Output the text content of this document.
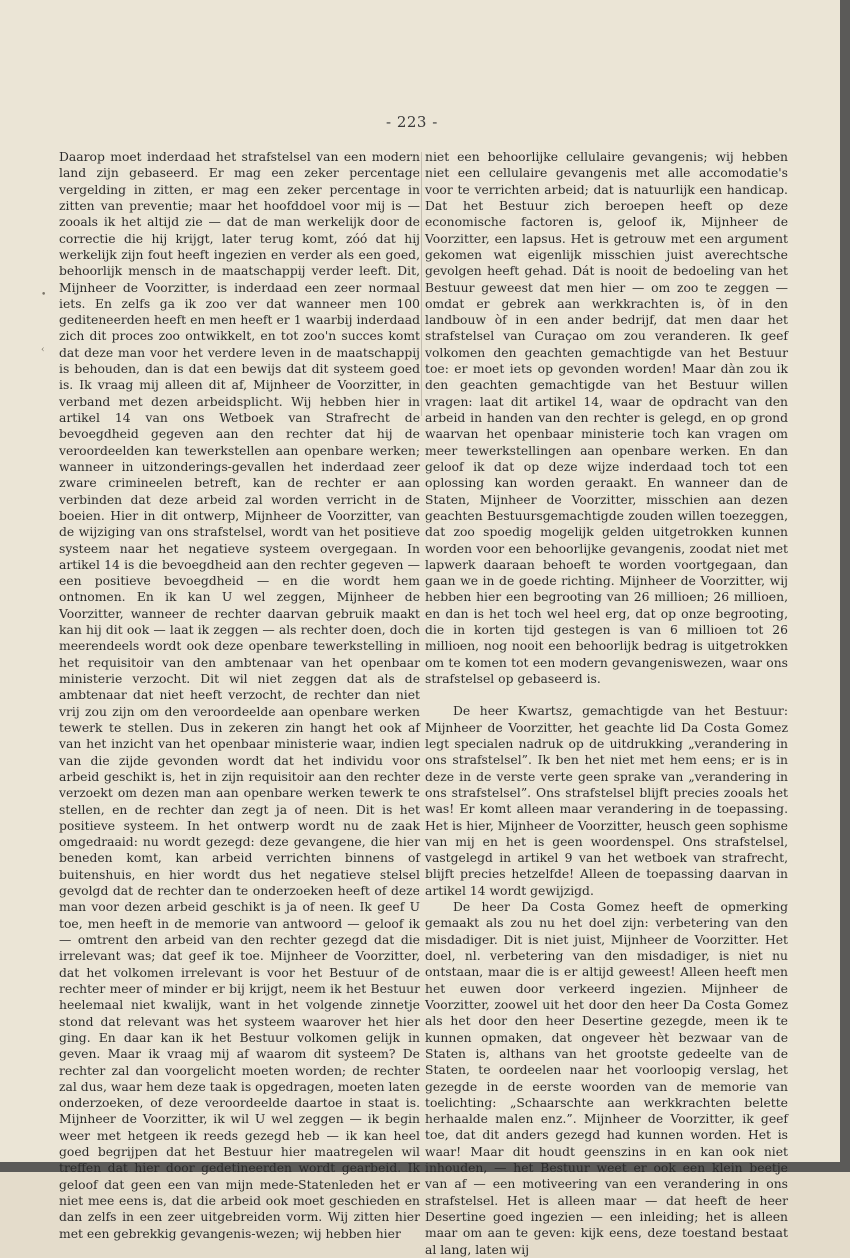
- 223 -

Daarop moet inderdaad het strafstelsel van een modern land zijn gebaseerd. Er mag een zeker percentage vergelding in zitten, er mag een zeker percentage in zitten van preventie; maar het hoofddoel voor mij is — zooals ik het altijd zie — dat de man werkelijk door de correctie die hij krijgt, later terug komt, zóó dat hij werkelijk zijn fout heeft ingezien en verder als een goed, behoorlijk mensch in de maatschappij verder leeft. Dit, Mijnheer de Voorzitter, is inderdaad een zeer normaal iets. En zelfs ga ik zoo ver dat wanneer men 100 gediteneerden heeft en men heeft er 1 waarbij inderdaad zich dit proces zoo ontwikkelt, en tot zoo'n succes komt dat deze man voor het verdere leven in de maatschappij is behouden, dan is dat een bewijs dat dit systeem goed is. Ik vraag mij alleen dit af, Mijnheer de Voorzitter, in verband met dezen arbeidsplicht. Wij hebben hier in artikel 14 van ons Wetboek van Strafrecht de bevoegdheid gegeven aan den rechter dat hij de veroordeelden kan tewerkstellen aan openbare werken; wanneer in uitzonderings-gevallen het inderdaad zeer zware crimineelen betreft, kan de rechter er aan verbinden dat deze arbeid zal worden verricht in de boeien. Hier in dit ontwerp, Mijnheer de Voorzitter, van de wijziging van ons strafstelsel, wordt van het positieve systeem naar het negatieve systeem overgegaan. In artikel 14 is die bevoegdheid aan den rechter gegeven — een positieve bevoegdheid — en die wordt hem ontnomen. En ik kan U wel zeggen, Mijnheer de Voorzitter, wanneer de rechter daarvan gebruik maakt kan hij dit ook — laat ik zeggen — als rechter doen, doch meerendeels wordt ook deze openbare tewerkstelling in het requisitoir van den ambtenaar van het openbaar ministerie verzocht. Dit wil niet zeggen dat als de ambtenaar dat niet heeft verzocht, de rechter dan niet vrij zou zijn om den veroordeelde aan openbare werken tewerk te stellen. Dus in zekeren zin hangt het ook af van het inzicht van het openbaar ministerie waar, indien van die zijde gevonden wordt dat het individu voor arbeid geschikt is, het in zijn requisitoir aan den rechter verzoekt om dezen man aan openbare werken tewerk te stellen, en de rechter dan zegt ja of neen. Dit is het positieve systeem. In het ontwerp wordt nu de zaak omgedraaid: nu wordt gezegd: deze gevangene, die hier beneden komt, kan arbeid verrichten binnens of buitenshuis, en hier wordt dus het negatieve stelsel gevolgd dat de rechter dan te onderzoeken heeft of deze man voor dezen arbeid geschikt is ja of neen. Ik geef U toe, men heeft in de memorie van antwoord — geloof ik — omtrent den arbeid van den rechter gezegd dat die irrelevant was; dat geef ik toe. Mijnheer de Voorzitter, dat het volkomen irrelevant is voor het Bestuur of de rechter meer of minder er bij krijgt, neem ik het Bestuur heelemaal niet kwalijk, want in het volgende zinnetje stond dat relevant was het systeem waarover het hier ging. En daar kan ik het Bestuur volkomen gelijk in geven. Maar ik vraag mij af waarom dit systeem? De rechter zal dan voorgelicht moeten worden; de rechter zal dus, waar hem deze taak is opgedragen, moeten laten onderzoeken, of deze veroordeelde daartoe in staat is. Mijnheer de Voorzitter, ik wil U wel zeggen — ik begin weer met hetgeen ik reeds gezegd heb — ik kan heel goed begrijpen dat het Bestuur hier maatregelen wil treffen dat hier door gedetineerden wordt gearbeid. Ik geloof dat geen een van mijn mede-Statenleden het er niet mee eens is, dat die arbeid ook moet geschieden en dan zelfs in een zeer uitgebreiden vorm. Wij zitten hier met een gebrekkig gevangenis-wezen; wij hebben hier

niet een behoorlijke cellulaire gevangenis; wij hebben niet een cellulaire gevangenis met alle accomodatie's voor te verrichten arbeid; dat is natuurlijk een handicap. Dat het Bestuur zich beroepen heeft op deze economische factoren is, geloof ik, Mijnheer de Voorzitter, een lapsus. Het is getrouw met een argument gekomen wat eigenlijk misschien juist averechtsche gevolgen heeft gehad. Dát is nooit de bedoeling van het Bestuur geweest dat men hier — om zoo te zeggen — omdat er gebrek aan werkkrachten is, òf in den landbouw òf in een ander bedrijf, dat men daar het strafstelsel van Curaçao om zou veranderen. Ik geef volkomen den geachten gemachtigde van het Bestuur toe: er moet iets op gevonden worden! Maar dàn zou ik den geachten gemachtigde van het Bestuur willen vragen: laat dit artikel 14, waar de opdracht van den arbeid in handen van den rechter is gelegd, en op grond waarvan het openbaar ministerie toch kan vragen om meer tewerkstellingen aan openbare werken. En dan geloof ik dat op deze wijze inderdaad toch tot een oplossing kan worden geraakt. En wanneer dan de Staten, Mijnheer de Voorzitter, misschien aan dezen geachten Bestuursgemachtigde zouden willen toezeggen, dat zoo spoedig mogelijk gelden uitgetrokken kunnen worden voor een behoorlijke gevangenis, zoodat niet met lapwerk daaraan behoeft te worden voortgegaan, dan gaan we in de goede richting. Mijnheer de Voorzitter, wij hebben hier een begrooting van 26 millioen; 26 millioen, en dan is het toch wel heel erg, dat op onze begrooting, die in korten tijd gestegen is van 6 millioen tot 26 millioen, nog nooit een behoorlijk bedrag is uitgetrokken om te komen tot een modern gevangeniswezen, waar ons strafstelsel op gebaseerd is.

De heer Kwartsz, gemachtigde van het Bestuur: Mijnheer de Voorzitter, het geachte lid Da Costa Gomez legt specialen nadruk op de uitdrukking „verandering in ons strafstelsel”. Ik ben het niet met hem eens; er is in deze in de verste verte geen sprake van „verandering in ons strafstelsel”. Ons strafstelsel blijft precies zooals het was! Er komt alleen maar verandering in de toepassing. Het is hier, Mijnheer de Voorzitter, heusch geen sophisme van mij en het is geen woordenspel. Ons strafstelsel, vastgelegd in artikel 9 van het wetboek van strafrecht, blijft precies hetzelfde! Alleen de toepassing daarvan in artikel 14 wordt gewijzigd.

De heer Da Costa Gomez heeft de opmerking gemaakt als zou nu het doel zijn: verbetering van den misdadiger. Dit is niet juist, Mijnheer de Voorzitter. Het doel, nl. verbetering van den misdadiger, is niet nu ontstaan, maar die is er altijd geweest! Alleen heeft men het euwen door verkeerd ingezien. Mijnheer de Voorzitter, zoowel uit het door den heer Da Costa Gomez als het door den heer Desertine gezegde, meen ik te kunnen opmaken, dat ongeveer hèt bezwaar van de Staten is, althans van het grootste gedeelte van de Staten, te oordeelen naar het voorloopig verslag, het gezegde in de eerste woorden van de memorie van toelichting: „Schaarschte aan werkkrachten belette herhaalde malen enz.”. Mijnheer de Voorzitter, ik geef toe, dat dit anders gezegd had kunnen worden. Het is waar! Maar dit houdt geenszins in en kan ook niet inhouden, — het Bestuur weet er ook een klein beetje van af — een motiveering van een verandering in ons strafstelsel. Het is alleen maar — dat heeft de heer Desertine goed ingezien — een inleiding; het is alleen maar om aan te geven: kijk eens, deze toestand bestaat al lang, laten wij

•
‹
